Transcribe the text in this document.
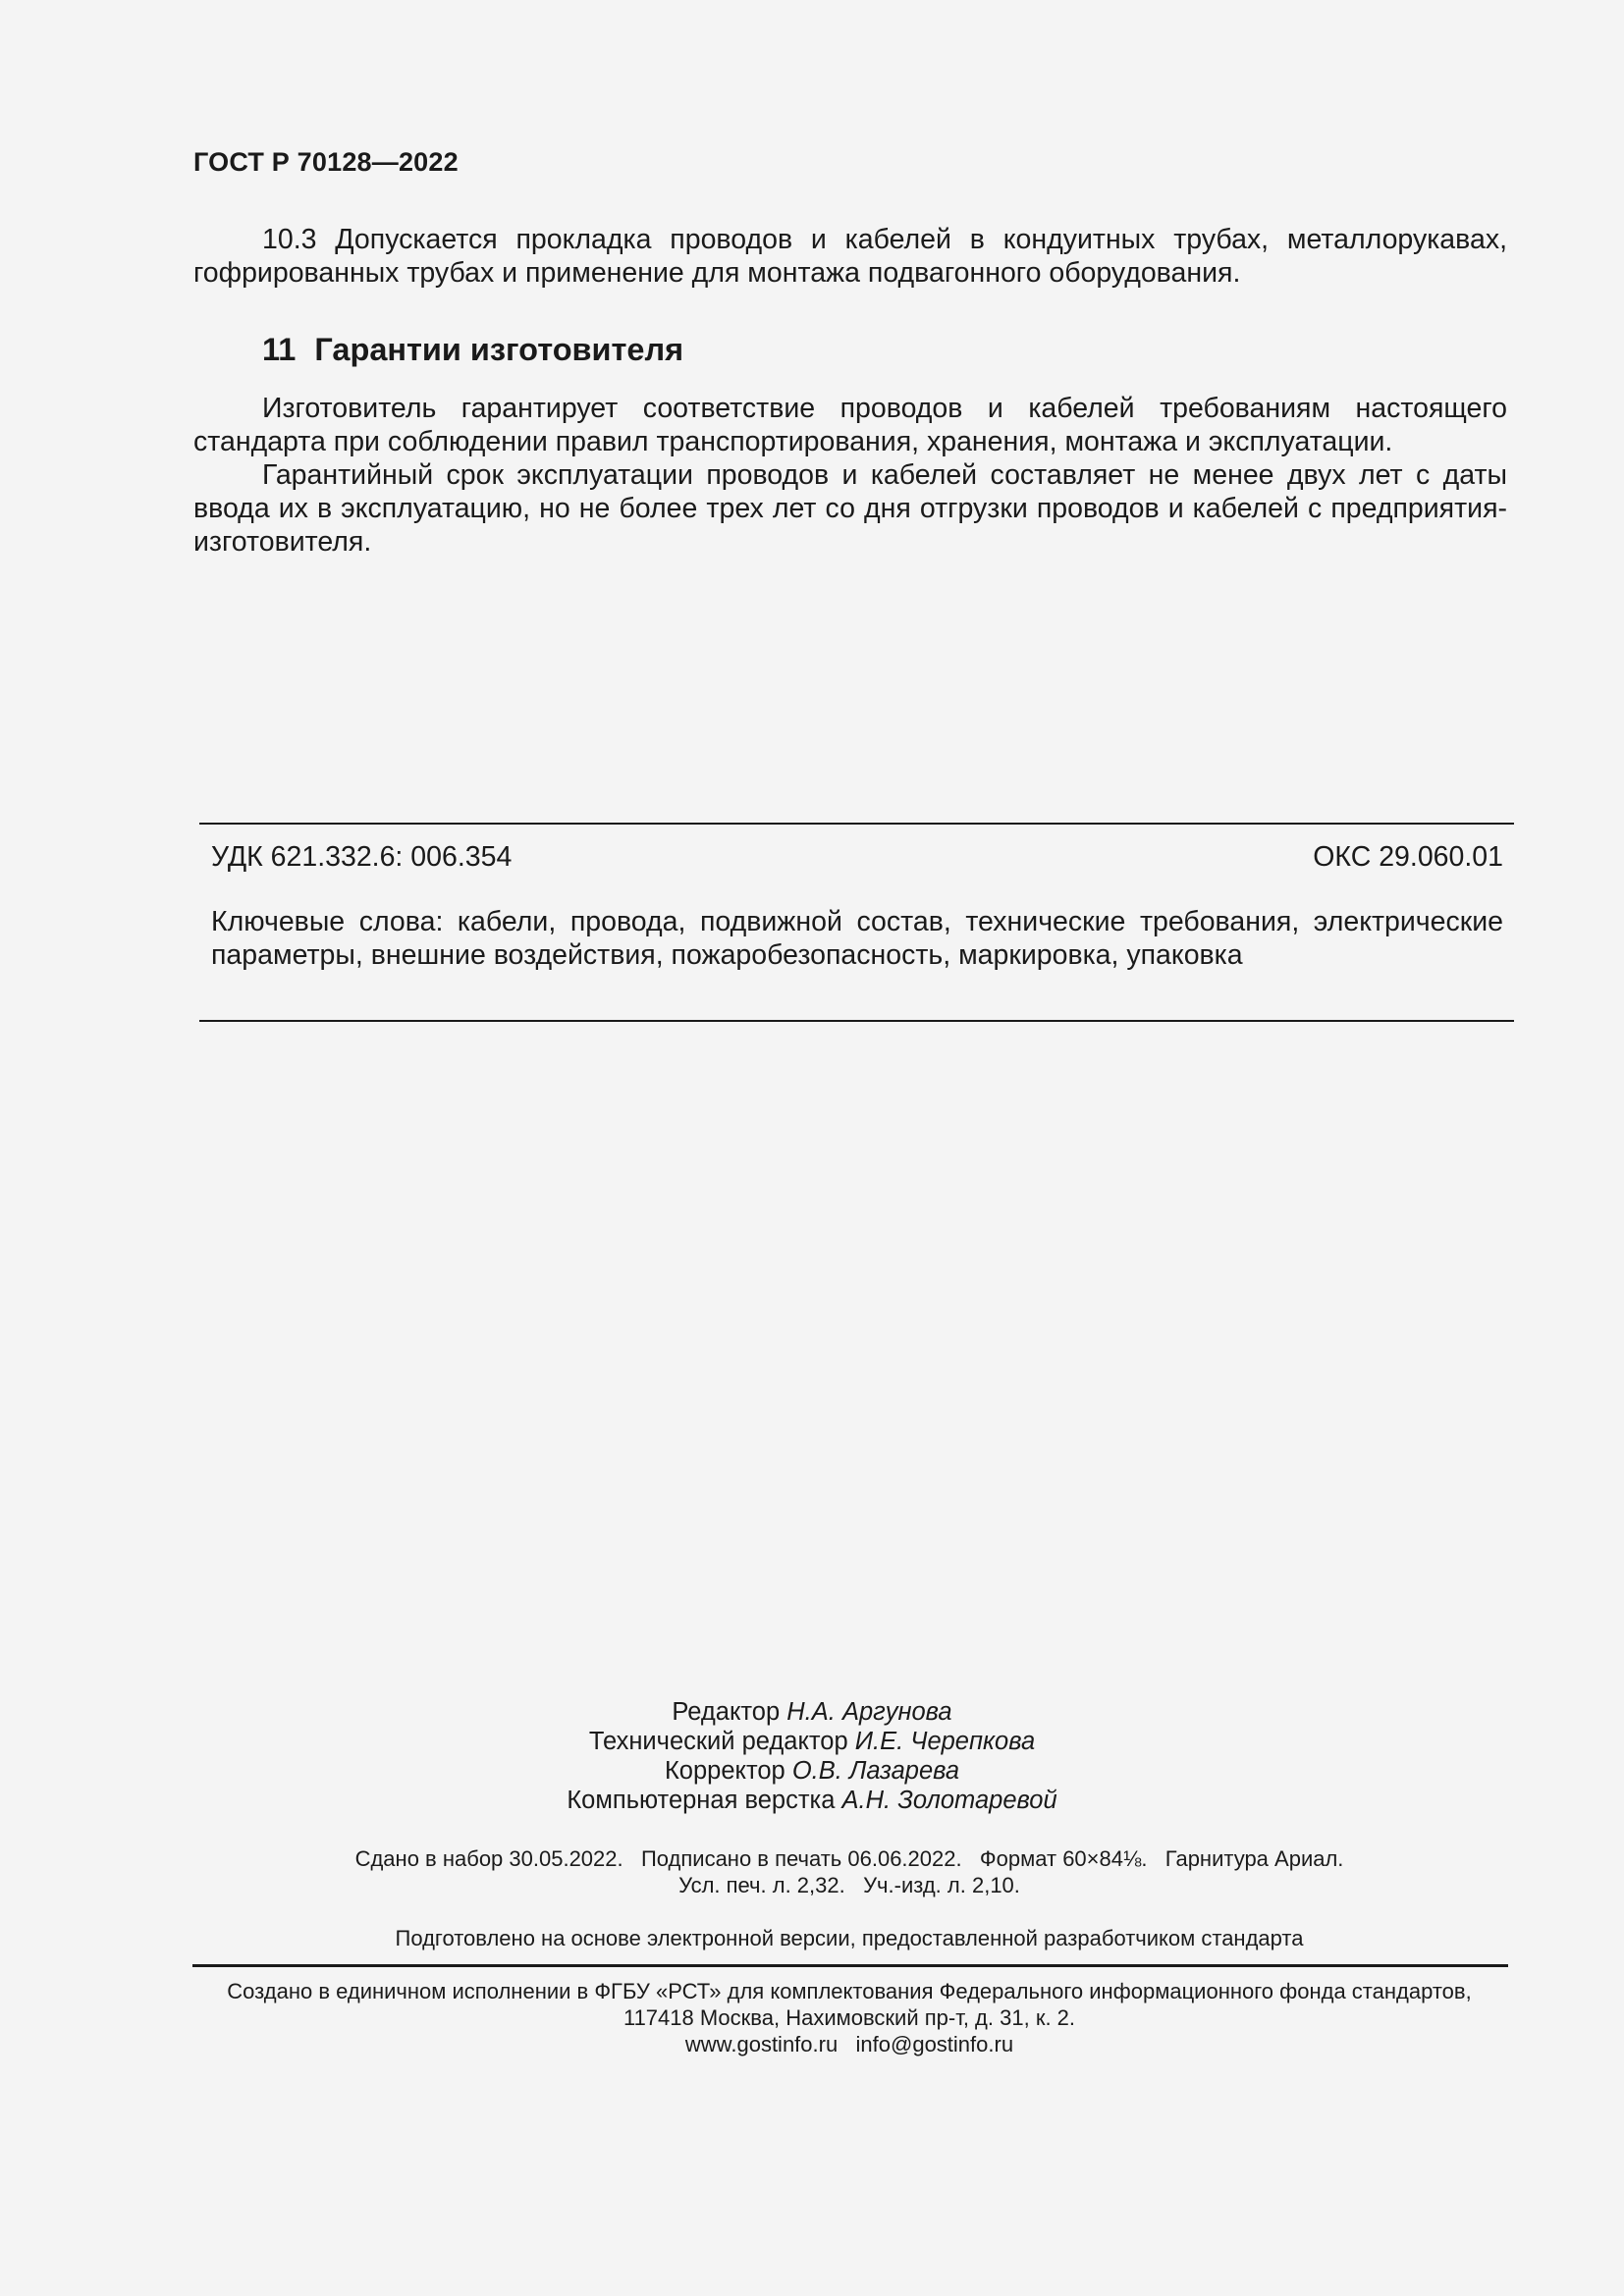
ГОСТ Р 70128—2022
10.3 Допускается прокладка проводов и кабелей в кондуитных трубах, металлорукавах, гофрированных трубах и применение для монтажа подвагонного оборудования.
11 Гарантии изготовителя
Изготовитель гарантирует соответствие проводов и кабелей требованиям настоящего стандарта при соблюдении правил транспортирования, хранения, монтажа и эксплуатации.
Гарантийный срок эксплуатации проводов и кабелей составляет не менее двух лет с даты ввода их в эксплуатацию, но не более трех лет со дня отгрузки проводов и кабелей с предприятия-изготовителя.
УДК 621.332.6: 006.354	ОКС 29.060.01
Ключевые слова: кабели, провода, подвижной состав, технические требования, электрические параметры, внешние воздействия, пожаробезопасность, маркировка, упаковка
Редактор Н.А. Аргунова
Технический редактор И.Е. Черепкова
Корректор О.В. Лазарева
Компьютерная верстка А.Н. Золотаревой
Сдано в набор 30.05.2022.   Подписано в печать 06.06.2022.   Формат 60×84⅛.   Гарнитура Ариал.
Усл. печ. л. 2,32.   Уч.-изд. л. 2,10.
Подготовлено на основе электронной версии, предоставленной разработчиком стандарта
Создано в единичном исполнении в ФГБУ «РСТ» для комплектования Федерального информационного фонда стандартов,
117418 Москва, Нахимовский пр-т, д. 31, к. 2.
www.gostinfo.ru   info@gostinfo.ru
